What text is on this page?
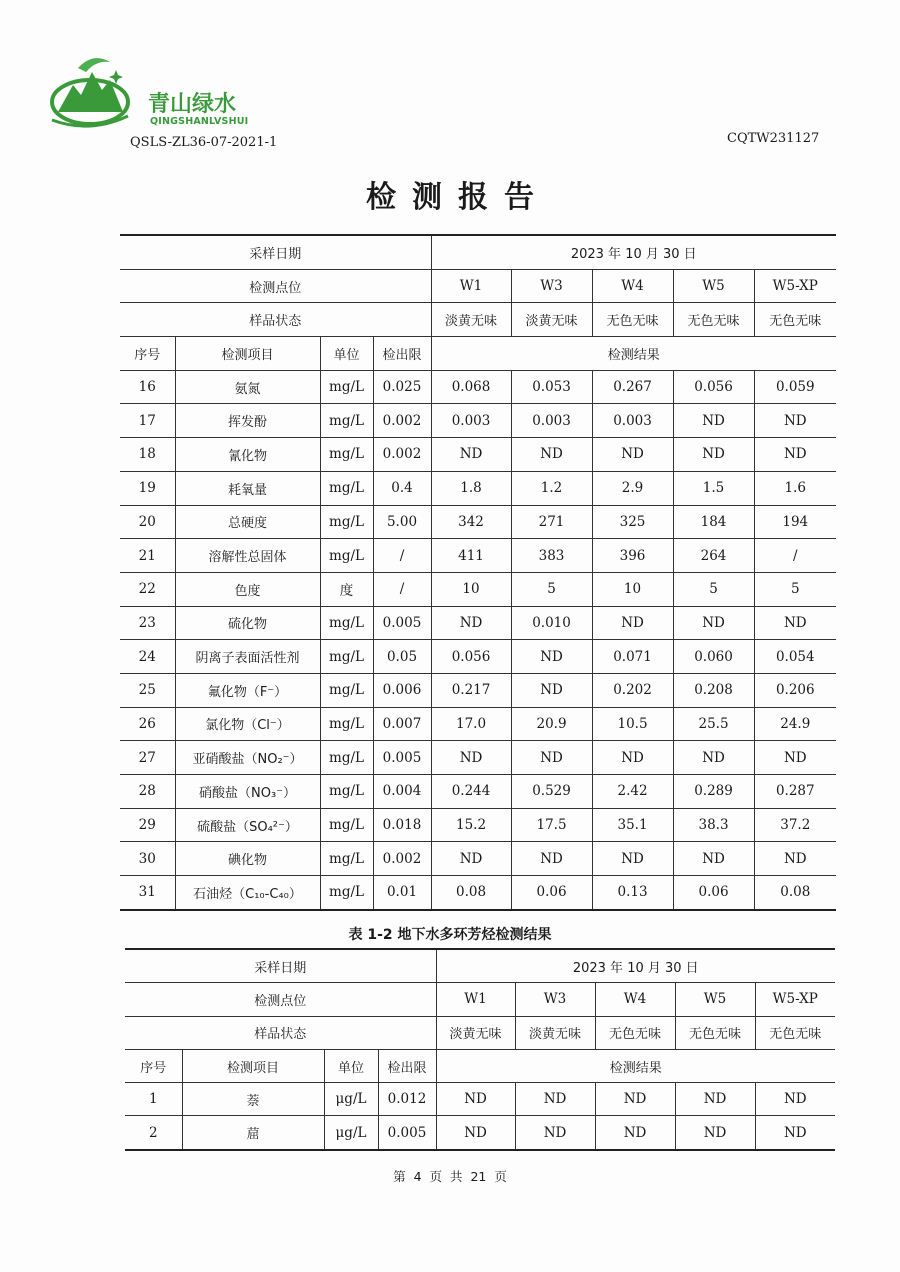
青山绿水
QINGSHANLVSHUI
QSLS-ZL36-07-2021-1	CQTW231127
检测报告
采样日期				2023 年 10 月 30 日				
检测点位				W1	W3	W4	W5	W5-XP
样品状态				淡黄无味	淡黄无味	无色无味	无色无味	无色无味
序号	检测项目	单位	检出限	检测结果				
16	氨氮	mg/L	0.025	0.068	0.053	0.267	0.056	0.059
17	挥发酚	mg/L	0.002	0.003	0.003	0.003	ND	ND
18	氰化物	mg/L	0.002	ND	ND	ND	ND	ND
19	耗氧量	mg/L	0.4	1.8	1.2	2.9	1.5	1.6
20	总硬度	mg/L	5.00	342	271	325	184	194
21	溶解性总固体	mg/L	/	411	383	396	264	/
22	色度	度	/	10	5	10	5	5
23	硫化物	mg/L	0.005	ND	0.010	ND	ND	ND
24	阴离子表面活性剂	mg/L	0.05	0.056	ND	0.071	0.060	0.054
25	氟化物（F⁻）	mg/L	0.006	0.217	ND	0.202	0.208	0.206
26	氯化物（Cl⁻）	mg/L	0.007	17.0	20.9	10.5	25.5	24.9
27	亚硝酸盐（NO₂⁻）	mg/L	0.005	ND	ND	ND	ND	ND
28	硝酸盐（NO₃⁻）	mg/L	0.004	0.244	0.529	2.42	0.289	0.287
29	硫酸盐（SO₄²⁻）	mg/L	0.018	15.2	17.5	35.1	38.3	37.2
30	碘化物	mg/L	0.002	ND	ND	ND	ND	ND
31	石油烃（C₁₀-C₄₀）	mg/L	0.01	0.08	0.06	0.13	0.06	0.08
表 1-2 地下水多环芳烃检测结果
采样日期				2023 年 10 月 30 日				
检测点位				W1	W3	W4	W5	W5-XP
样品状态				淡黄无味	淡黄无味	无色无味	无色无味	无色无味
序号	检测项目	单位	检出限	检测结果				
1	萘	μg/L	0.012	ND	ND	ND	ND	ND
2	䓛	μg/L	0.005	ND	ND	ND	ND	ND
第 4 页 共 21 页
